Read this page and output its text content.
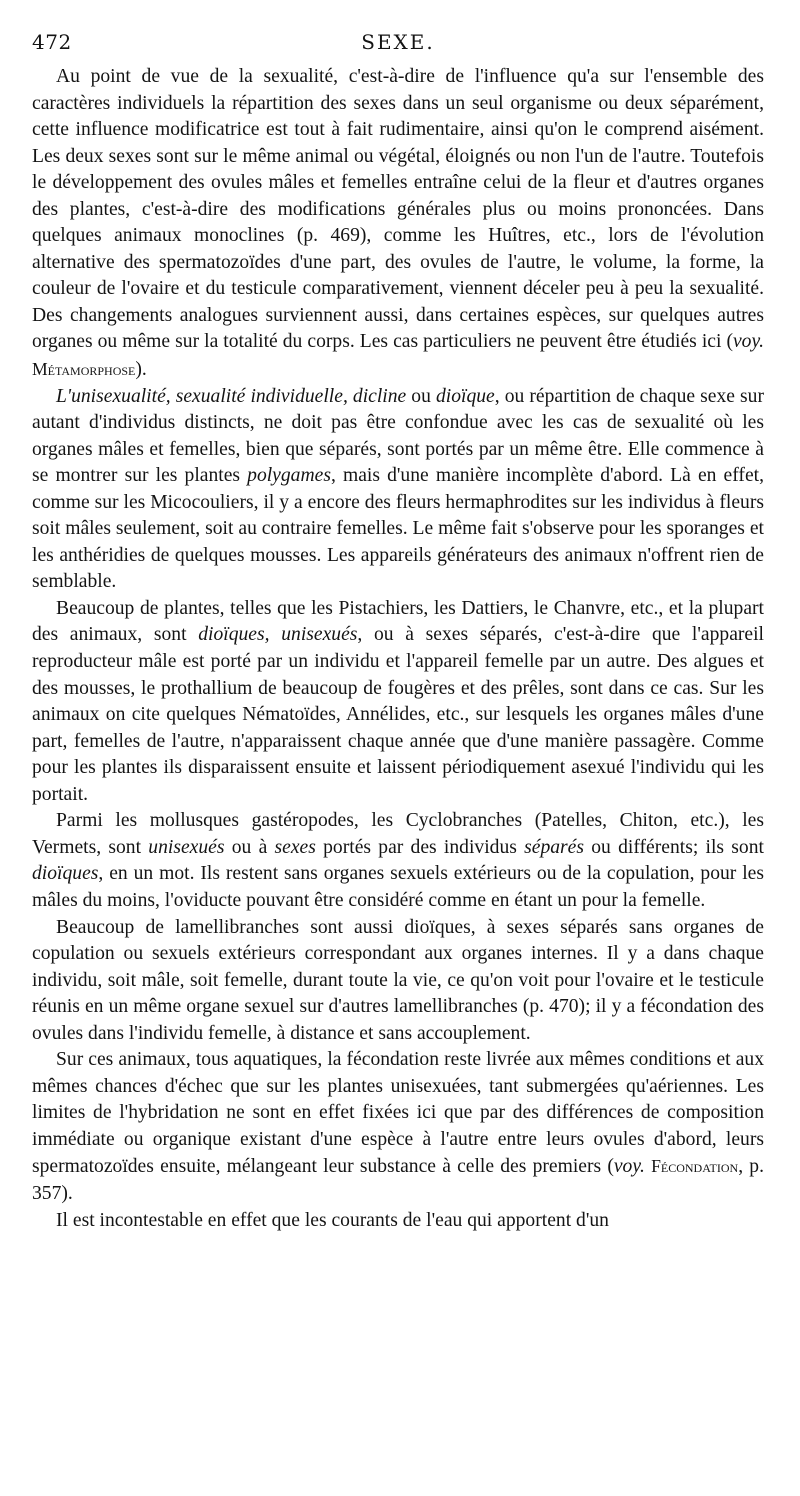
472	SEXE.

Au point de vue de la sexualité, c'est-à-dire de l'influence qu'a sur l'ensemble des caractères individuels la répartition des sexes dans un seul organisme ou deux séparément, cette influence modificatrice est tout à fait rudimentaire, ainsi qu'on le comprend aisément. Les deux sexes sont sur le même animal ou végétal, éloignés ou non l'un de l'autre. Toutefois le développement des ovules mâles et femelles entraîne celui de la fleur et d'autres organes des plantes, c'est-à-dire des modifications générales plus ou moins prononcées. Dans quelques animaux monoclines (p. 469), comme les Huîtres, etc., lors de l'évolution alternative des spermatozoïdes d'une part, des ovules de l'autre, le volume, la forme, la couleur de l'ovaire et du testicule comparativement, viennent déceler peu à peu la sexualité. Des changements analogues surviennent aussi, dans certaines espèces, sur quelques autres organes ou même sur la totalité du corps. Les cas particuliers ne peuvent être étudiés ici (voy. Métamorphose).

L'unisexualité, sexualité individuelle, dicline ou dioïque, ou répartition de chaque sexe sur autant d'individus distincts, ne doit pas être confondue avec les cas de sexualité où les organes mâles et femelles, bien que séparés, sont portés par un même être. Elle commence à se montrer sur les plantes polygames, mais d'une manière incomplète d'abord. Là en effet, comme sur les Micocouliers, il y a encore des fleurs hermaphrodites sur les individus à fleurs soit mâles seulement, soit au contraire femelles. Le même fait s'observe pour les sporanges et les anthéridies de quelques mousses. Les appareils générateurs des animaux n'offrent rien de semblable.

Beaucoup de plantes, telles que les Pistachiers, les Dattiers, le Chanvre, etc., et la plupart des animaux, sont dioïques, unisexués, ou à sexes séparés, c'est-à-dire que l'appareil reproducteur mâle est porté par un individu et l'appareil femelle par un autre. Des algues et des mousses, le prothallium de beaucoup de fougères et des prêles, sont dans ce cas. Sur les animaux on cite quelques Nématoïdes, Annélides, etc., sur lesquels les organes mâles d'une part, femelles de l'autre, n'apparaissent chaque année que d'une manière passagère. Comme pour les plantes ils disparaissent ensuite et laissent périodiquement asexué l'individu qui les portait.

Parmi les mollusques gastéropodes, les Cyclobranches (Patelles, Chiton, etc.), les Vermets, sont unisexués ou à sexes portés par des individus séparés ou différents; ils sont dioïques, en un mot. Ils restent sans organes sexuels extérieurs ou de la copulation, pour les mâles du moins, l'oviducte pouvant être considéré comme en étant un pour la femelle.

Beaucoup de lamellibranches sont aussi dioïques, à sexes séparés sans organes de copulation ou sexuels extérieurs correspondant aux organes internes. Il y a dans chaque individu, soit mâle, soit femelle, durant toute la vie, ce qu'on voit pour l'ovaire et le testicule réunis en un même organe sexuel sur d'autres lamellibranches (p. 470); il y a fécondation des ovules dans l'individu femelle, à distance et sans accouplement.

Sur ces animaux, tous aquatiques, la fécondation reste livrée aux mêmes conditions et aux mêmes chances d'échec que sur les plantes unisexuées, tant submergées qu'aériennes. Les limites de l'hybridation ne sont en effet fixées ici que par des différences de composition immédiate ou organique existant d'une espèce à l'autre entre leurs ovules d'abord, leurs spermatozoïdes ensuite, mélangeant leur substance à celle des premiers (voy. Fécondation, p. 357).

Il est incontestable en effet que les courants de l'eau qui apportent d'un
